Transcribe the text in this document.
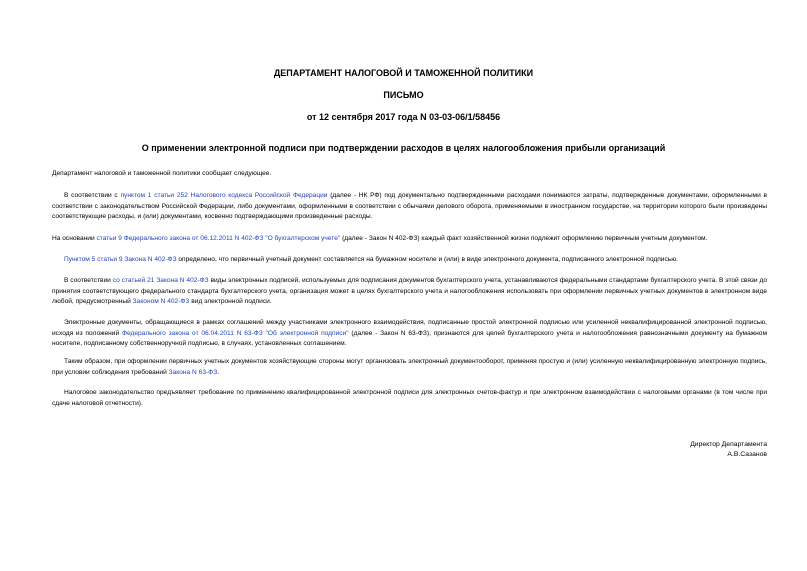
ДЕПАРТАМЕНТ НАЛОГОВОЙ И ТАМОЖЕННОЙ ПОЛИТИКИ
ПИСЬМО
от 12 сентября 2017 года N 03-03-06/1/58456
О применении электронной подписи при подтверждении расходов в целях налогообложения прибыли организаций
Департамент налоговой и таможенной политики сообщает следующее.
В соответствии с пунктом 1 статьи 252 Налогового кодекса Российской Федерации (далее - НК РФ) под документально подтвержденными расходами понимаются затраты, подтвержденные документами, оформленными в соответствии с законодательством Российской Федерации, либо документами, оформленными в соответствии с обычаями делового оборота, применяемыми в иностранном государстве, на территории которого были произведены соответствующие расходы, и (или) документами, косвенно подтверждающими произведенные расходы.
На основании статьи 9 Федерального закона от 06.12.2011 N 402-ФЗ "О бухгалтерском учете" (далее - Закон N 402-ФЗ) каждый факт хозяйственной жизни подлежит оформлению первичным учетным документом.
Пунктом 5 статьи 9 Закона N 402-ФЗ определено, что первичный учетный документ составляется на бумажном носителе и (или) в виде электронного документа, подписанного электронной подписью.
В соответствии со статьей 21 Закона N 402-ФЗ виды электронных подписей, используемых для подписания документов бухгалтерского учета, устанавливаются федеральными стандартами бухгалтерского учета. В этой связи до принятия соответствующего федерального стандарта бухгалтерского учета, организация может в целях бухгалтерского учета и налогообложения использовать при оформлении первичных учетных документов в электронном виде любой, предусмотренный Законом N 402-ФЗ вид электронной подписи.
Электронные документы, обращающиеся в рамках соглашений между участниками электронного взаимодействия, подписанные простой электронной подписью или усиленной неквалифицированной электронной подписью, исходя из положений Федерального закона от 06.04.2011 N 63-ФЗ "Об электронной подписи" (далее - Закон N 63-ФЗ), признаются для целей бухгалтерского учета и налогообложения равнозначными документу на бумажном носителе, подписанному собственноручной подписью, в случаях, установленных соглашением.
Таким образом, при оформлении первичных учетных документов хозяйствующие стороны могут организовать электронный документооборот, применяя простую и (или) усиленную неквалифицированную электронную подпись, при условии соблюдения требований Закона N 63-ФЗ.
Налоговое законодательство предъявляет требование по применению квалифицированной электронной подписи для электронных счетов-фактур и при электронном взаимодействии с налоговыми органами (в том числе при сдаче налоговой отчетности).
Директор Департамента
А.В.Сазанов
